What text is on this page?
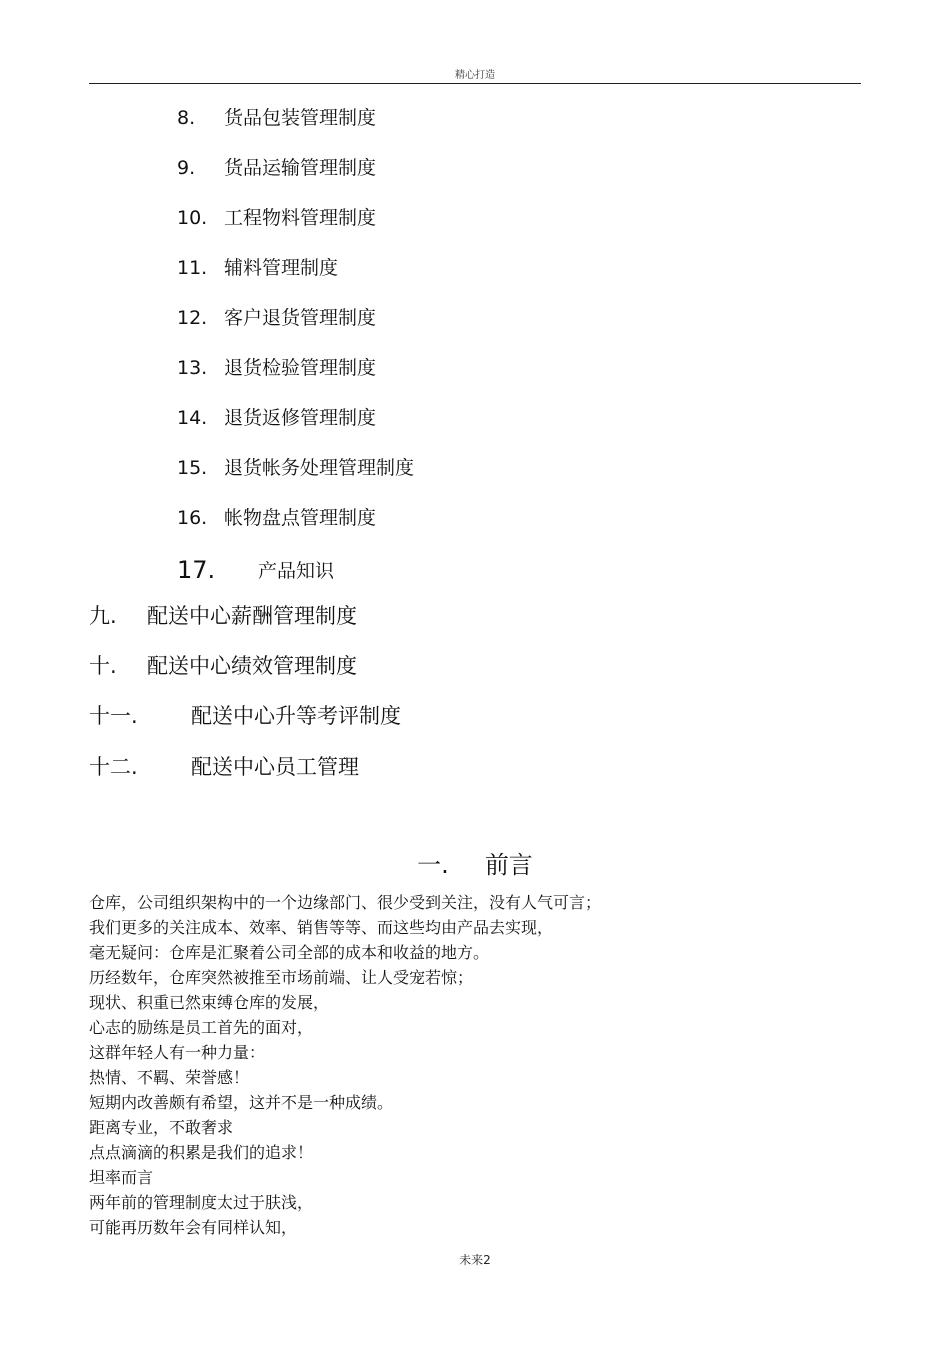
精心打造
8. 货品包装管理制度
9. 货品运输管理制度
10. 工程物料管理制度
11. 辅料管理制度
12. 客户退货管理制度
13. 退货检验管理制度
14. 退货返修管理制度
15. 退货帐务处理管理制度
16. 帐物盘点管理制度
17. 产品知识
九. 配送中心薪酬管理制度
十. 配送中心绩效管理制度
十一.	配送中心升等考评制度
十二.	配送中心员工管理
一. 前言

仓库，公司组织架构中的一个边缘部门、很少受到关注，没有人气可言；

我们更多的关注成本、效率、销售等等、而这些均由产品去实现，

毫无疑问：仓库是汇聚着公司全部的成本和收益的地方。

历经数年，仓库突然被推至市场前端、让人受宠若惊；

现状、积重已然束缚仓库的发展，

心志的励练是员工首先的面对，

这群年轻人有一种力量：

热情、不羁、荣誉感！

短期内改善颇有希望，这并不是一种成绩。

距离专业，不敢奢求

点点滴滴的积累是我们的追求！

坦率而言

两年前的管理制度太过于肤浅，

可能再历数年会有同样认知，

未来2
